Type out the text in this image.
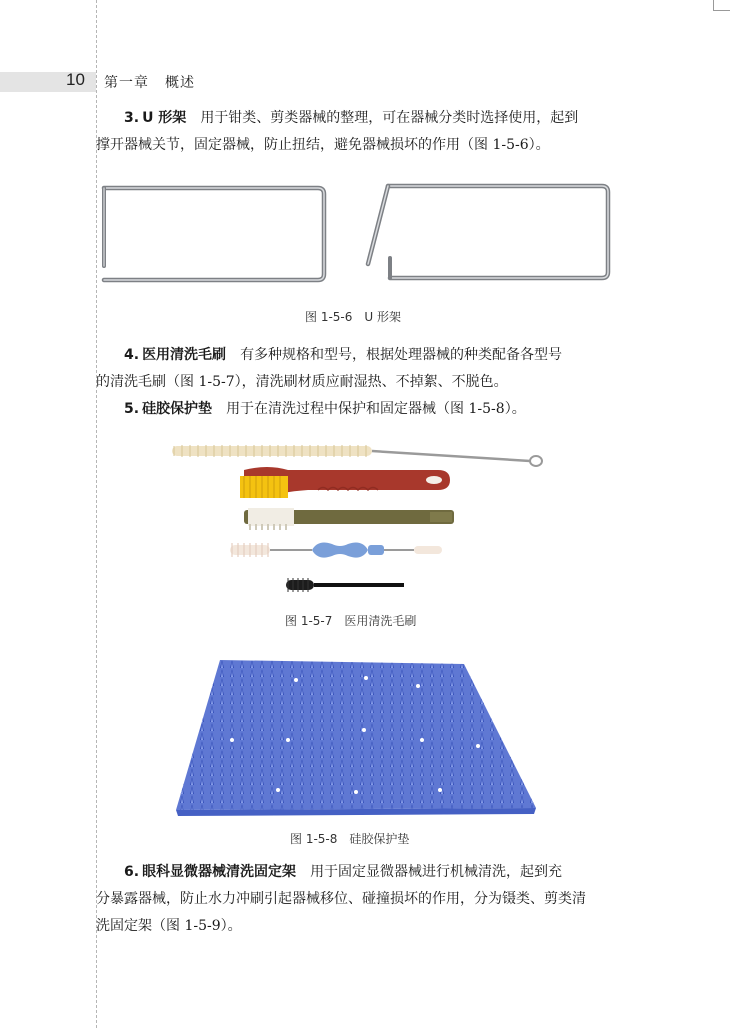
10 第一章 概述
3. U 形架　 用于钳类、剪类器械的整理，可在器械分类时选择使用，起到
撑开器械关节，固定器械，防止扭结，避免器械损坏的作用（图 1-5-6）。
图 1-5-6 U 形架
4. 医用清洗毛刷　 有多种规格和型号，根据处理器械的种类配备各型号
的清洗毛刷（图 1-5-7），清洗刷材质应耐湿热、不掉絮、不脱色。
5. 硅胶保护垫　 用于在清洗过程中保护和固定器械（图 1-5-8）。
图 1-5-7 医用清洗毛刷
图 1-5-8 硅胶保护垫
6. 眼科显微器械清洗固定架　 用于固定显微器械进行机械清洗，起到充
分暴露器械，防止水力冲刷引起器械移位、碰撞损坏的作用，分为镊类、剪类清
洗固定架（图 1-5-9）。
